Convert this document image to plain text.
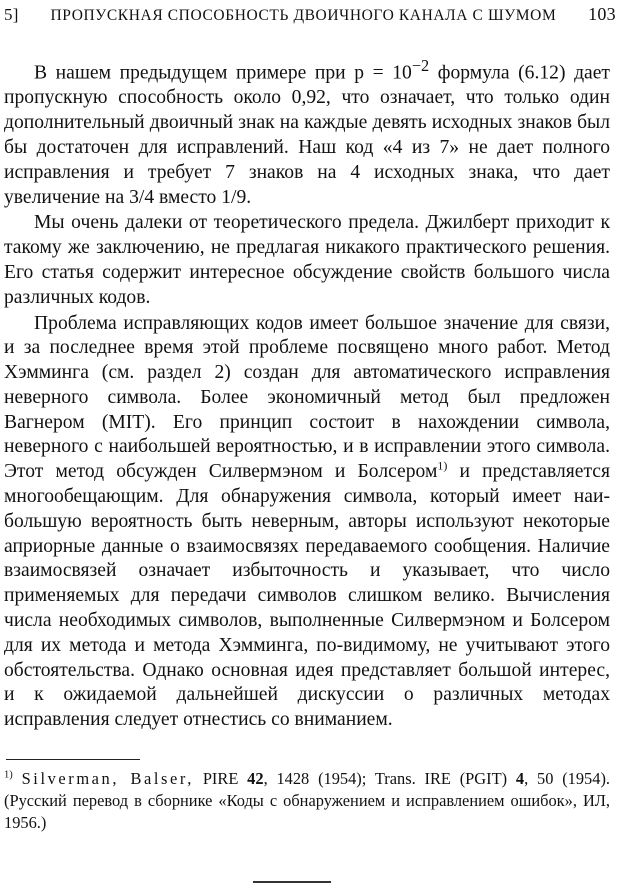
5] ПРОПУСКНАЯ СПОСОБНОСТЬ ДВОИЧНОГО КАНАЛА С ШУМОМ 103

В нашем предыдущем примере при $p = 10^{-2}$ формула (6.12) дает пропускную способность около 0,92, что означает, что только один дополнительный двоичный знак на каждые девять исходных знаков был бы достаточен для исправлений. Наш код «4 из 7» не дает полного исправления и требует 7 знаков на 4 исходных знака, что дает увеличение на 3/4 вместо 1/9.

Мы очень далеки от теоретического предела. Джилберт приходит к такому же заключению, не предлагая никакого практического решения. Его статья содержит интересное обсуждение свойств большого числа различных кодов.

Проблема исправляющих кодов имеет большое значение для связи, и за последнее время этой проблеме посвящено много работ. Метод Хэмминга (см. раздел 2) создан для автоматического исправления неверного символа. Более экономичный метод был предложен Вагнером (MIT). Его принцип состоит в нахождении символа, неверного с наибольшей вероятностью, и в исправлении этого символа. Этот метод обсужден Силвермэном и Болсером$^{1)}$ и представляется многообещающим. Для обнаружения символа, который имеет наибольшую вероятность быть неверным, авторы используют некоторые априорные данные о взаимосвязях передаваемого сообщения. Наличие взаимосвязей означает избыточность и указывает, что число применяемых для передачи символов слишком велико. Вычисления числа необходимых символов, выполненные Силвермэном и Болсером для их метода и метода Хэмминга, по-видимому, не учитывают этого обстоятельства. Однако основная идея представляет большой интерес, и к ожидаемой дальнейшей дискуссии о различных методах исправления следует отнестись со вниманием.

$^{1)}$ Silverman, Balser, PIRE 42, 1428 (1954); Trans. IRE (PGIT) 4, 50 (1954). (Русский перевод в сборнике «Коды с обнаружением и исправлением ошибок», ИЛ, 1956.)
